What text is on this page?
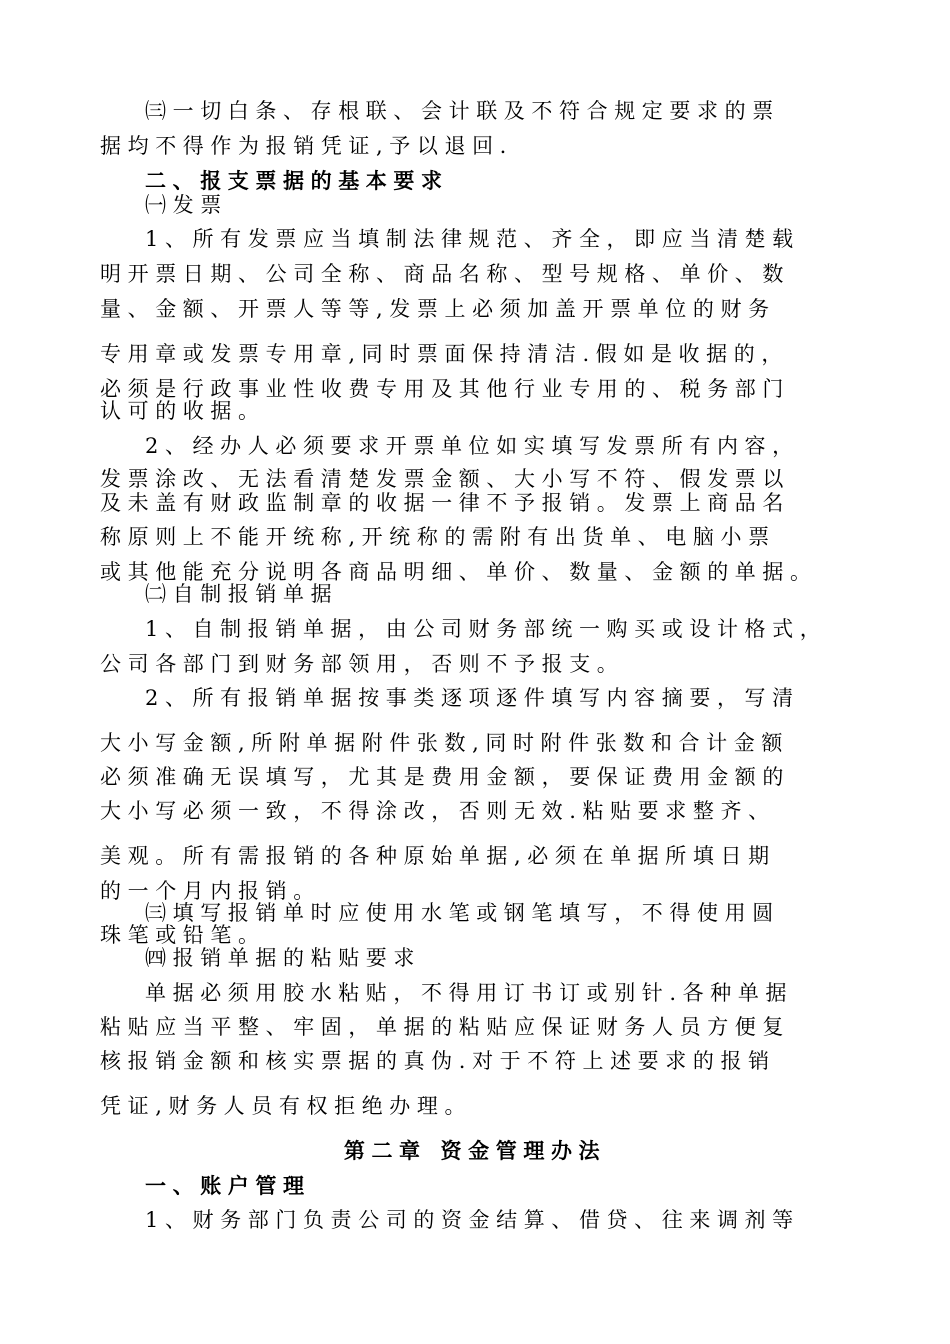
㈢一切白条、存根联、会计联及不符合规定要求的票
据均不得作为报销凭证,予以退回.
二、报支票据的基本要求
㈠发票
1、所有发票应当填制法律规范、齐全，即应当清楚载
明开票日期、公司全称、商品名称、型号规格、单价、数
量、金额、开票人等等,发票上必须加盖开票单位的财务
专用章或发票专用章,同时票面保持清洁.假如是收据的，
必须是行政事业性收费专用及其他行业专用的、税务部门
认可的收据。
2、经办人必须要求开票单位如实填写发票所有内容，
发票涂改、无法看清楚发票金额、大小写不符、假发票以
及未盖有财政监制章的收据一律不予报销。发票上商品名
称原则上不能开统称,开统称的需附有出货单、电脑小票
或其他能充分说明各商品明细、单价、数量、金额的单据。
㈡自制报销单据
1、自制报销单据，由公司财务部统一购买或设计格式，
公司各部门到财务部领用，否则不予报支。
2、所有报销单据按事类逐项逐件填写内容摘要，写清
大小写金额,所附单据附件张数,同时附件张数和合计金额
必须准确无误填写，尤其是费用金额，要保证费用金额的
大小写必须一致，不得涂改，否则无效.粘贴要求整齐、
美观。所有需报销的各种原始单据,必须在单据所填日期
的一个月内报销。
㈢填写报销单时应使用水笔或钢笔填写，不得使用圆
珠笔或铅笔。
㈣报销单据的粘贴要求
单据必须用胶水粘贴，不得用订书订或别针.各种单据
粘贴应当平整、牢固，单据的粘贴应保证财务人员方便复
核报销金额和核实票据的真伪.对于不符上述要求的报销
凭证,财务人员有权拒绝办理。
第二章 资金管理办法
一、账户管理
1、财务部门负责公司的资金结算、借贷、往来调剂等
